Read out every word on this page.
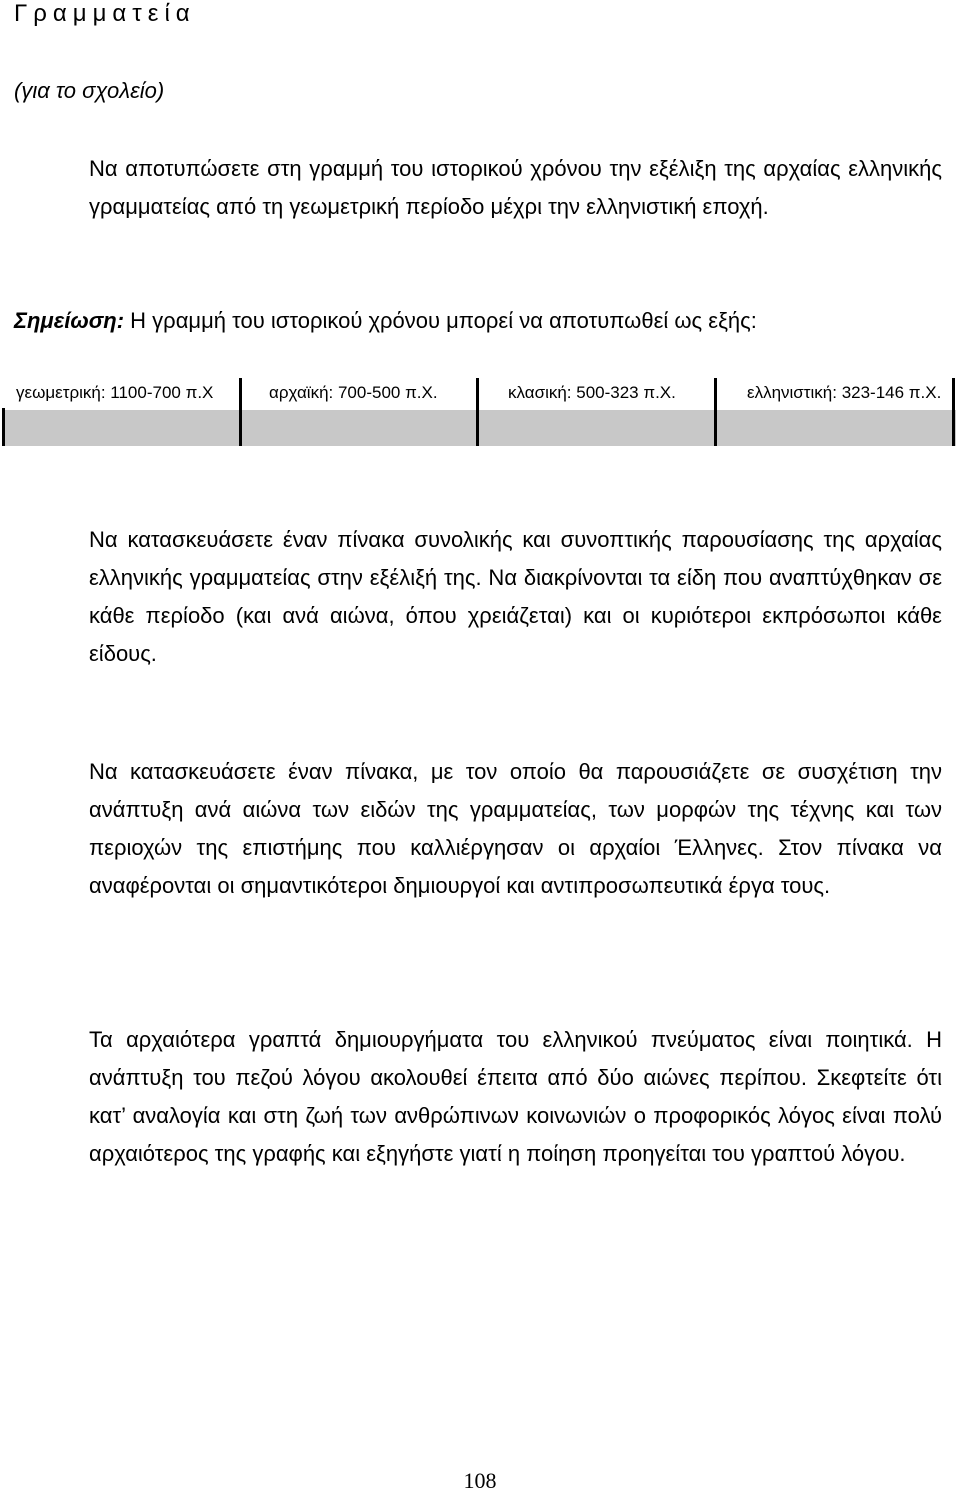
Γραμματεία

(για το σχολείο)

Να αποτυπώσετε στη γραμμή του ιστορικού χρόνου την εξέλιξη της αρχαίας ελληνικής γραμματείας από τη γεωμετρική περίοδο μέχρι την ελληνιστική εποχή.

Σημείωση: Η γραμμή του ιστορικού χρόνου μπορεί να αποτυπωθεί ως εξής:

γεωμετρική: 1100-700 π.Χ	αρχαϊκή: 700-500 π.Χ.	κλασική: 500-323 π.Χ.	ελληνιστική: 323-146 π.Χ.

Να κατασκευάσετε έναν πίνακα συνολικής και συνοπτικής παρουσίασης της αρχαίας ελληνικής γραμματείας στην εξέλιξή της. Να διακρίνονται τα είδη που αναπτύχθηκαν σε κάθε περίοδο (και ανά αιώνα, όπου χρειάζεται) και οι κυριότεροι εκπρόσωποι κάθε είδους.

Να κατασκευάσετε έναν πίνακα, με τον οποίο θα παρουσιάζετε σε συσχέτιση την ανάπτυξη ανά αιώνα των ειδών της γραμματείας, των μορφών της τέχνης και των περιοχών της επιστήμης που καλλιέργησαν οι αρχαίοι Έλληνες. Στον πίνακα να αναφέρονται οι σημαντικότεροι δημιουργοί και αντιπροσωπευτικά έργα τους.

Τα αρχαιότερα γραπτά δημιουργήματα του ελληνικού πνεύματος είναι ποιητικά. Η ανάπτυξη του πεζού λόγου ακολουθεί έπειτα από δύο αιώνες περίπου. Σκεφτείτε ότι κατ’ αναλογία και στη ζωή των ανθρώπινων κοινωνιών ο προφορικός λόγος είναι πολύ αρχαιότερος της γραφής και εξηγήστε γιατί η ποίηση προηγείται του γραπτού λόγου.

108
